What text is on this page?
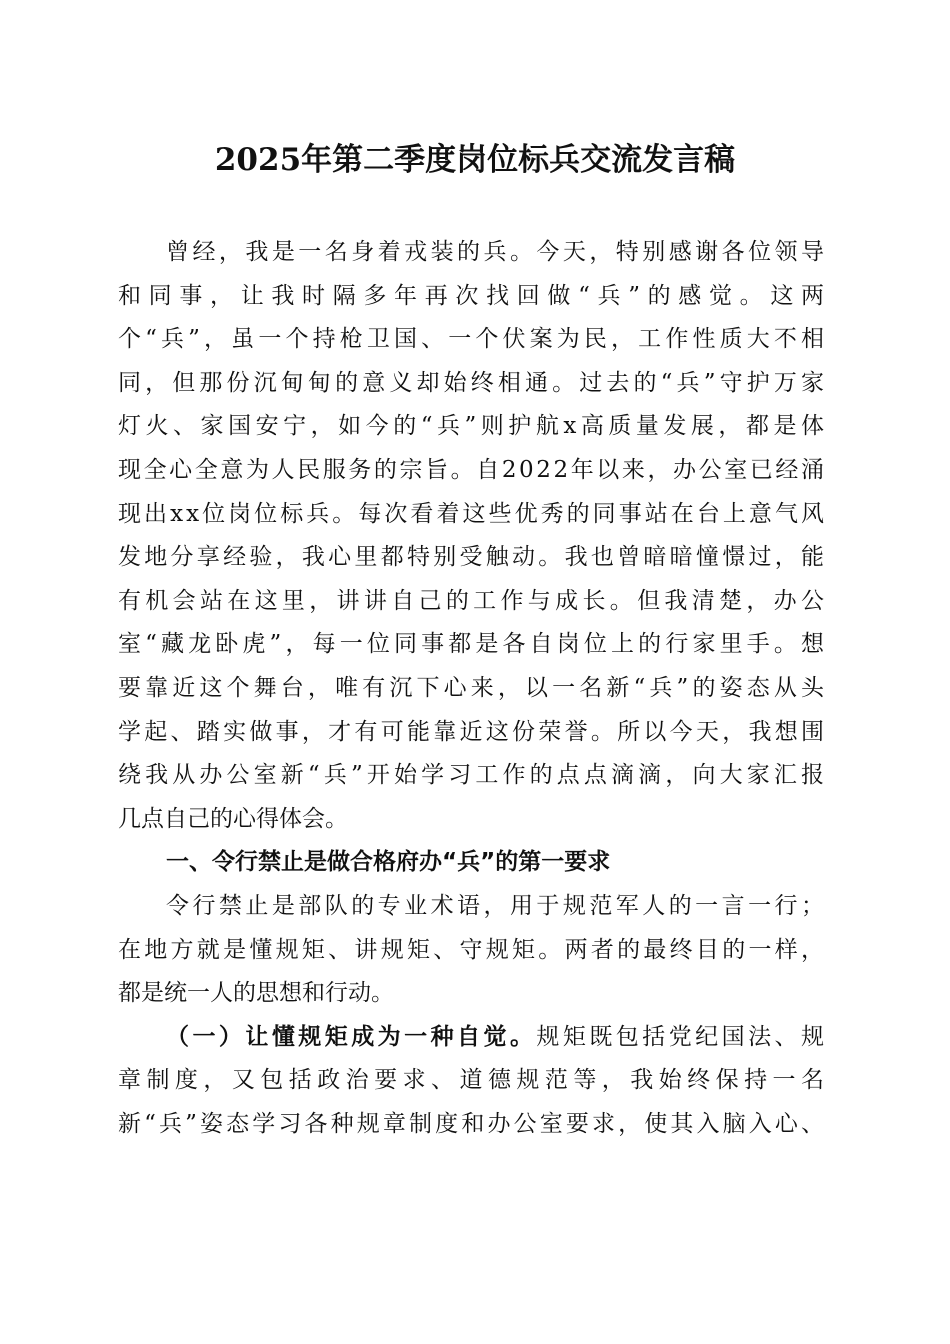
2025年第二季度岗位标兵交流发言稿
曾经，我是一名身着戎装的兵。今天，特别感谢各位领导
和同事，让我时隔多年再次找回做“兵”的感觉。这两
个“兵”，虽一个持枪卫国、一个伏案为民，工作性质大不相
同，但那份沉甸甸的意义却始终相通。过去的“兵”守护万家
灯火、家国安宁，如今的“兵”则护航x高质量发展，都是体
现全心全意为人民服务的宗旨。自2022年以来，办公室已经涌
现出xx位岗位标兵。每次看着这些优秀的同事站在台上意气风
发地分享经验，我心里都特别受触动。我也曾暗暗憧憬过，能
有机会站在这里，讲讲自己的工作与成长。但我清楚，办公
室“藏龙卧虎”，每一位同事都是各自岗位上的行家里手。想
要靠近这个舞台，唯有沉下心来，以一名新“兵”的姿态从头
学起、踏实做事，才有可能靠近这份荣誉。所以今天，我想围
绕我从办公室新“兵”开始学习工作的点点滴滴，向大家汇报
几点自己的心得体会。
一、令行禁止是做合格府办“兵”的第一要求
令行禁止是部队的专业术语，用于规范军人的一言一行；
在地方就是懂规矩、讲规矩、守规矩。两者的最终目的一样，
都是统一人的思想和行动。
（一）让懂规矩成为一种自觉。规矩既包括党纪国法、规
章制度，又包括政治要求、道德规范等，我始终保持一名
新“兵”姿态学习各种规章制度和办公室要求，使其入脑入心、
